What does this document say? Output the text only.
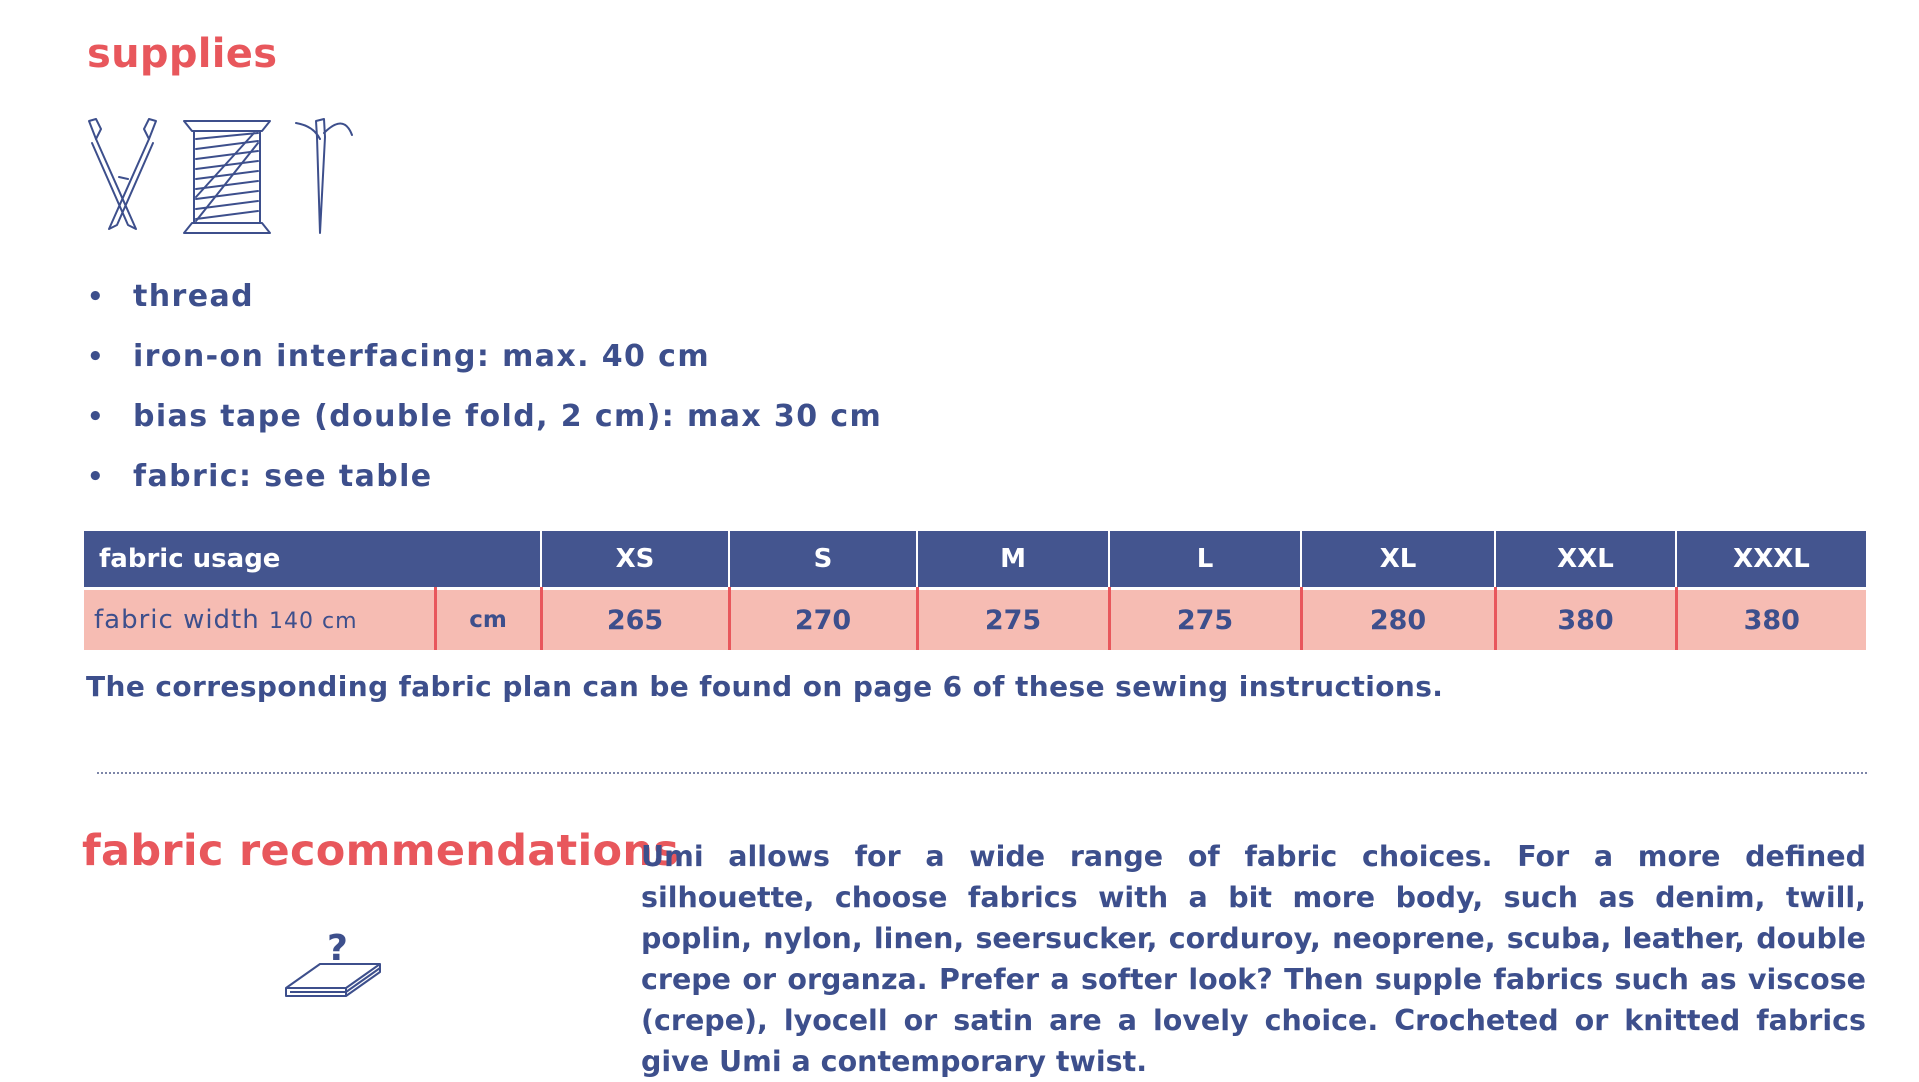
supplies
• thread
• iron-on interfacing: max. 40 cm
• bias tape (double fold, 2 cm): max 30 cm
• fabric: see table
fabric usage		XS	S	M	L	XL	XXL	XXXL
fabric width 140 cm	cm	265	270	275	275	280	380	380
The corresponding fabric plan can be found on page 6 of these sewing instructions.
fabric recommendations
?

Umi allows for a wide range of fabric choices. For a more defined silhouette, choose fabrics with a bit more body, such as denim, twill, poplin, nylon, linen, seersucker, corduroy, neoprene, scuba, leather, double crepe or organza. Prefer a softer look? Then supple fabrics such as viscose (crepe), lyocell or satin are a lovely choice. Crocheted or knitted fabrics give Umi a contemporary twist.
